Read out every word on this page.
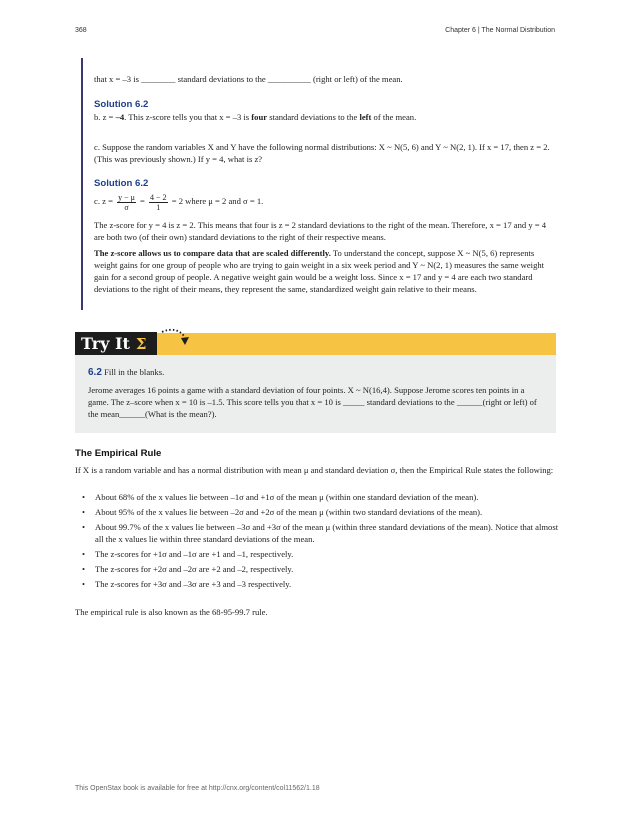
368	Chapter 6 | The Normal Distribution
that x = –3 is ________ standard deviations to the __________ (right or left) of the mean.
Solution 6.2
b. z = –4. This z-score tells you that x = –3 is four standard deviations to the left of the mean.
c. Suppose the random variables X and Y have the following normal distributions: X ~ N(5, 6) and Y ~ N(2, 1). If x = 17, then z = 2. (This was previously shown.) If y = 4, what is z?
Solution 6.2
c. $z = \frac{y - \mu}{\sigma} = \frac{4 - 2}{1} = 2$ where μ = 2 and σ = 1.
The z-score for y = 4 is z = 2. This means that four is z = 2 standard deviations to the right of the mean. Therefore, x = 17 and y = 4 are both two (of their own) standard deviations to the right of their respective means.
The z-score allows us to compare data that are scaled differently. To understand the concept, suppose X ~ N(5, 6) represents weight gains for one group of people who are trying to gain weight in a six week period and Y ~ N(2, 1) measures the same weight gain for a second group of people. A negative weight gain would be a weight loss. Since x = 17 and y = 4 are each two standard deviations to the right of their means, they represent the same, standardized weight gain relative to their means.
Try It Σ
6.2 Fill in the blanks.
Jerome averages 16 points a game with a standard deviation of four points. X ~ N(16,4). Suppose Jerome scores ten points in a game. The z–score when x = 10 is –1.5. This score tells you that x = 10 is _____ standard deviations to the ______(right or left) of the mean______(What is the mean?).
The Empirical Rule
If X is a random variable and has a normal distribution with mean μ and standard deviation σ, then the Empirical Rule states the following:
• About 68% of the x values lie between –1σ and +1σ of the mean μ (within one standard deviation of the mean).
• About 95% of the x values lie between –2σ and +2σ of the mean μ (within two standard deviations of the mean).
• About 99.7% of the x values lie between –3σ and +3σ of the mean μ (within three standard deviations of the mean). Notice that almost all the x values lie within three standard deviations of the mean.
• The z-scores for +1σ and –1σ are +1 and –1, respectively.
• The z-scores for +2σ and –2σ are +2 and –2, respectively.
• The z-scores for +3σ and –3σ are +3 and –3 respectively.
The empirical rule is also known as the 68-95-99.7 rule.
This OpenStax book is available for free at http://cnx.org/content/col11562/1.18
